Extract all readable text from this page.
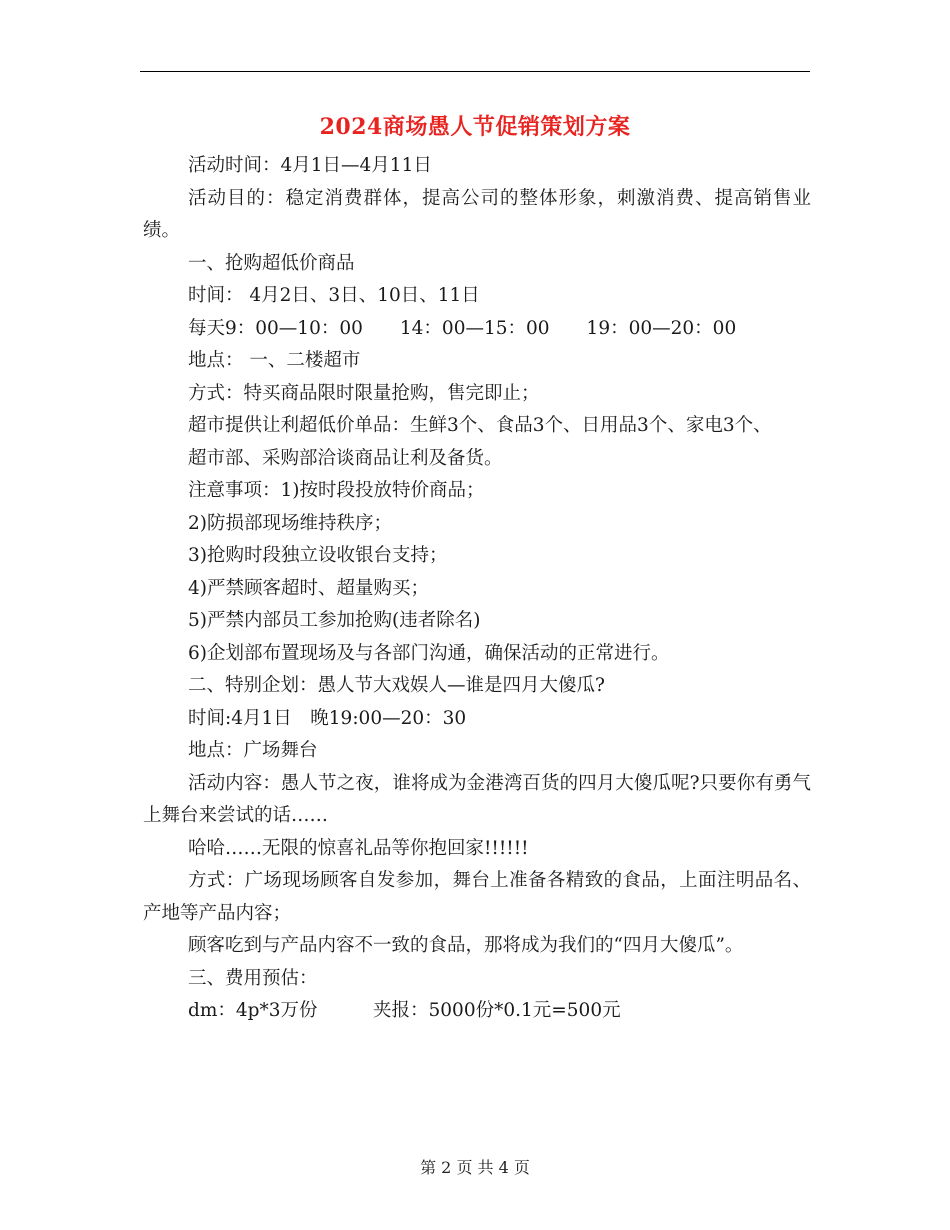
2024商场愚人节促销策划方案

活动时间：4月1日—4月11日

活动目的：稳定消费群体，提高公司的整体形象，刺激消费、提高销售业绩。

一、抢购超低价商品

时间： 4月2日、3日、10日、11日

每天9：00—10：00　　14：00—15：00　　19：00—20：00

地点： 一、二楼超市

方式：特买商品限时限量抢购，售完即止；

超市提供让利超低价单品：生鲜3个、食品3个、日用品3个、家电3个、

超市部、采购部洽谈商品让利及备货。

注意事项：1)按时段投放特价商品；

2)防损部现场维持秩序；

3)抢购时段独立设收银台支持；

4)严禁顾客超时、超量购买；

5)严禁内部员工参加抢购(违者除名)

6)企划部布置现场及与各部门沟通，确保活动的正常进行。

二、特别企划：愚人节大戏娱人—谁是四月大傻瓜?

时间:4月1日　晚19:00—20：30

地点：广场舞台

活动内容：愚人节之夜，谁将成为金港湾百货的四月大傻瓜呢?只要你有勇气上舞台来尝试的话……

哈哈……无限的惊喜礼品等你抱回家!!!!!!

方式：广场现场顾客自发参加，舞台上准备各精致的食品，上面注明品名、产地等产品内容；

顾客吃到与产品内容不一致的食品，那将成为我们的“四月大傻瓜”。

三、费用预估：

dm：4p*3万份　　　夹报：5000份*0.1元=500元

第 2 页 共 4 页
